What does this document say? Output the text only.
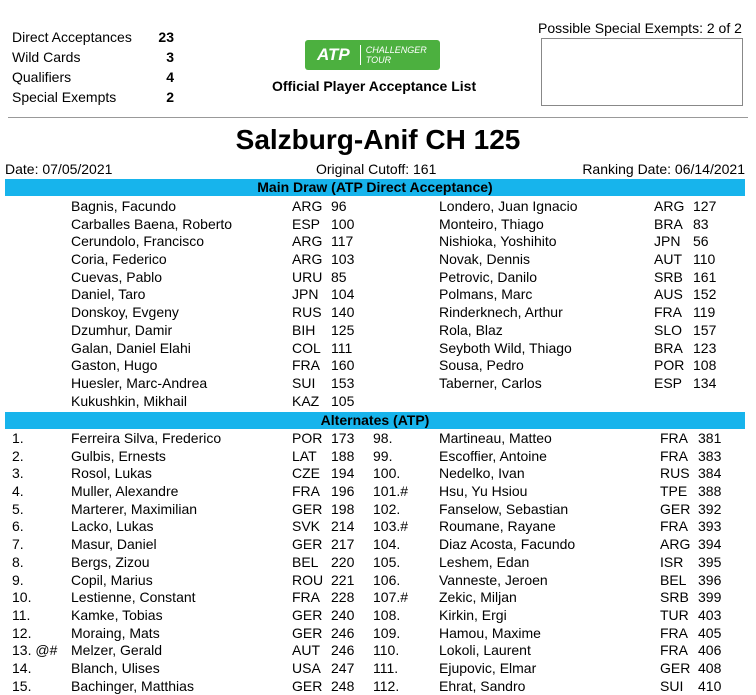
Direct Acceptances	23
Wild Cards	3
Qualifiers	4
Special Exempts	2
ATP	CHALLENGER
TOUR
Official Player Acceptance List
Possible Special Exempts: 2 of 2
Salzburg-Anif CH 125
Date: 07/05/2021	Original Cutoff: 161	Ranking Date: 06/14/2021
Main Draw (ATP Direct Acceptance)
Bagnis, Facundo	ARG 96	Londero, Juan Ignacio	ARG 127
Carballes Baena, Roberto	ESP 100	Monteiro, Thiago	BRA 83
Cerundolo, Francisco	ARG 117	Nishioka, Yoshihito	JPN 56
Coria, Federico	ARG 103	Novak, Dennis	AUT 110
Cuevas, Pablo	URU 85	Petrovic, Danilo	SRB 161
Daniel, Taro	JPN 104	Polmans, Marc	AUS 152
Donskoy, Evgeny	RUS 140	Rinderknech, Arthur	FRA 119
Dzumhur, Damir	BIH 125	Rola, Blaz	SLO 157
Galan, Daniel Elahi	COL 111	Seyboth Wild, Thiago	BRA 123
Gaston, Hugo	FRA 160	Sousa, Pedro	POR 108
Huesler, Marc-Andrea	SUI 153	Taberner, Carlos	ESP 134
Kukushkin, Mikhail	KAZ 105
Alternates (ATP)
1.	Ferreira Silva, Frederico	POR 173 98.	Martineau, Matteo	FRA 381
2.	Gulbis, Ernests	LAT 188 99.	Escoffier, Antoine	FRA 383
3.	Rosol, Lukas	CZE 194 100.	Nedelko, Ivan	RUS 384
4.	Muller, Alexandre	FRA 196 101.# Hsu, Yu Hsiou	TPE 388
5.	Marterer, Maximilian	GER 198 102.	Fanselow, Sebastian	GER 392
6.	Lacko, Lukas	SVK 214 103.# Roumane, Rayane	FRA 393
7.	Masur, Daniel	GER 217 104.	Diaz Acosta, Facundo	ARG 394
8.	Bergs, Zizou	BEL 220 105.	Leshem, Edan	ISR 395
9.	Copil, Marius	ROU 221 106.	Vanneste, Jeroen	BEL 396
10.	Lestienne, Constant	FRA 228 107.# Zekic, Miljan	SRB 399
11.	Kamke, Tobias	GER 240 108.	Kirkin, Ergi	TUR 403
12.	Moraing, Mats	GER 246 109.	Hamou, Maxime	FRA 405
13. @# Melzer, Gerald	AUT 246 110.	Lokoli, Laurent	FRA 406
14.	Blanch, Ulises	USA 247 111.	Ejupovic, Elmar	GER 408
15.	Bachinger, Matthias	GER 248 112.	Ehrat, Sandro	SUI 410
